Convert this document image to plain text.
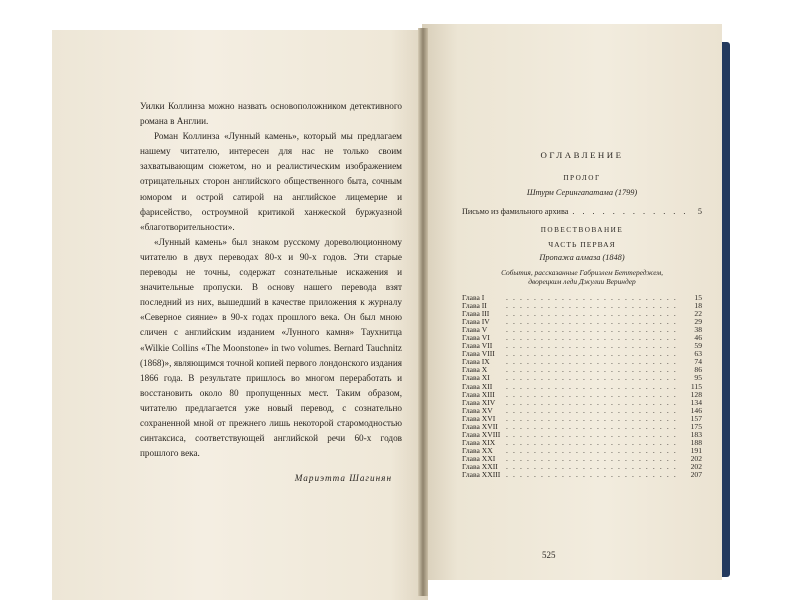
Уилки Коллинза можно назвать основоположником детективного романа в Англии.

Роман Коллинза «Лунный камень», который мы предлагаем нашему читателю, интересен для нас не только своим захватывающим сюжетом, но и реалистическим изображением отрицательных сторон английского общественного быта, сочным юмором и острой сатирой на английское лицемерие и фарисейство, остроумной критикой ханжеской буржуазной «благотворительности».

«Лунный камень» был знаком русскому дореволюционному читателю в двух переводах 80-х и 90-х годов. Эти старые переводы не точны, содержат сознательные искажения и значительные пропуски. В основу нашего перевода взят последний из них, вышедший в качестве приложения к журналу «Северное сияние» в 90-х годах прошлого века. Он был мною сличен с английским изданием «Лунного камня» Таухнитца «Wilkie Collins «The Moonstone» in two volumes. Bernard Tauchnitz (1868)», являющимся точной копией первого лондонского издания 1866 года. В результате пришлось во многом переработать и восстановить около 80 пропущенных мест. Таким образом, читателю предлагается уже новый перевод, с сознательно сохраненной мной от прежнего лишь некоторой старомодностью синтаксиса, соответствующей английской речи 60-х годов прошлого века.

Мариэтта Шагинян
ОГЛАВЛЕНИЕ
ПРОЛОГ
Штурм Серингапатама (1799)
Письмо из фамильного архива . . .	5
ПОВЕСТВОВАНИЕ
ЧАСТЬ ПЕРВАЯ
Пропажа алмаза (1848)
События, рассказанные Габриэлем Беттереджем,
дворецким леди Джулии Вериндер
Глава I . . .	15
Глава II . . .	18
Глава III . . .	22
Глава IV . . .	29
Глава V . . .	38
Глава VI . . .	46
Глава VII . . .	59
Глава VIII . . .	63
Глава IX . . .	74
Глава X . . .	86
Глава XI . . .	95
Глава XII . . .	115
Глава XIII . . .	128
Глава XIV . . .	134
Глава XV . . .	146
Глава XVI . . .	157
Глава XVII . . .	175
Глава XVIII . . .	183
Глава XIX . . .	188
Глава XX . . .	191
Глава XXI . . .	202
Глава XXII . . .	202
Глава XXIII . . .	207
525
